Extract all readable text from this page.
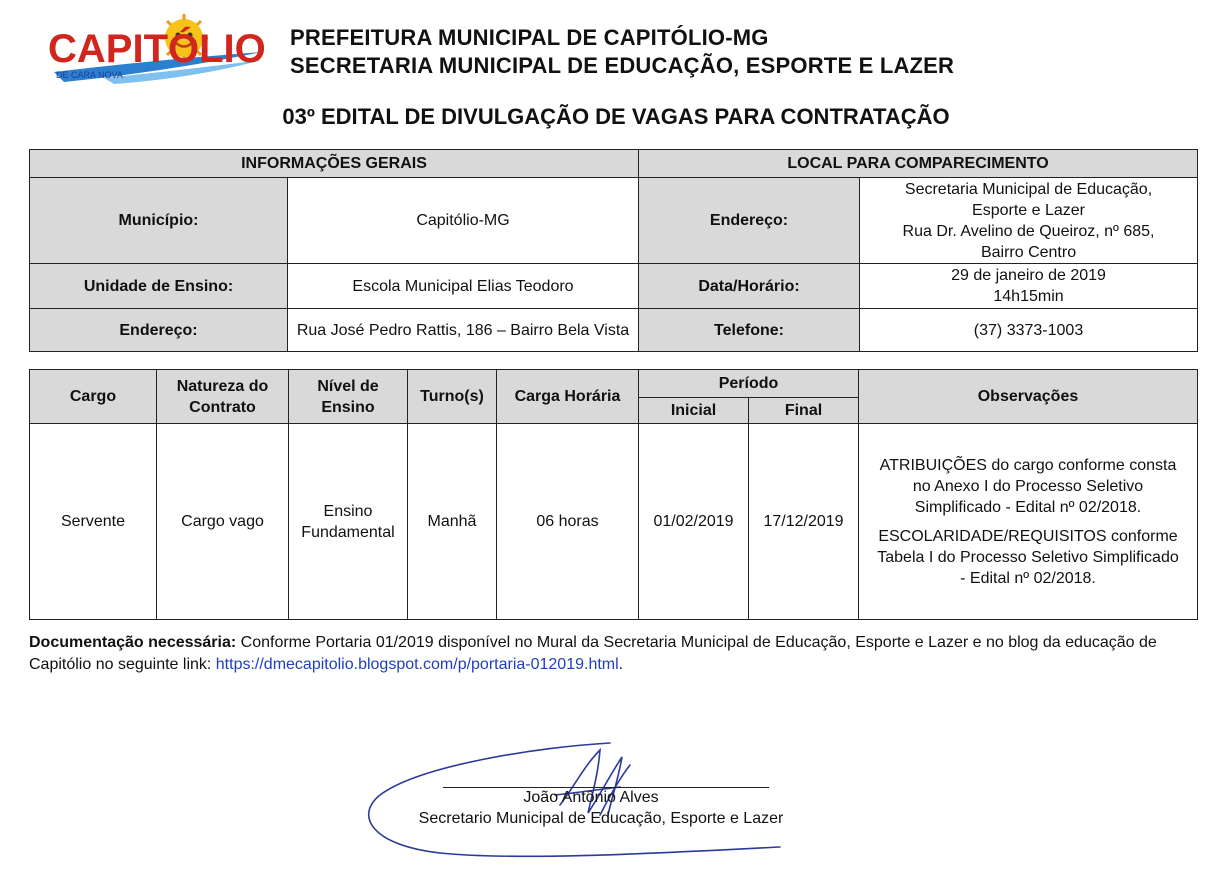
CAPITÓLIO
DE CARA NOVA
PREFEITURA MUNICIPAL DE CAPITÓLIO-MG
SECRETARIA MUNICIPAL DE EDUCAÇÃO, ESPORTE E LAZER
03º EDITAL DE DIVULGAÇÃO DE VAGAS PARA CONTRATAÇÃO
INFORMAÇÕES GERAIS		LOCAL PARA COMPARECIMENTO	
Município:	Capitólio-MG	Endereço:	Secretaria Municipal de Educação,
Esporte e Lazer
Rua Dr. Avelino de Queiroz, nº 685,
Bairro Centro

Unidade de Ensino:	Escola Municipal Elias Teodoro	Data/Horário:	29 de janeiro de 2019
14h15min

Endereço:	Rua José Pedro Rattis, 186 – Bairro Bela Vista	Telefone:	(37) 3373-1003
Cargo	Natureza do Contrato	Nível de Ensino	Turno(s)	Carga Horária	Período		Observações
					Inicial	Final	
Servente	Cargo vago	Ensino Fundamental	Manhã	06 horas	01/02/2019	17/12/2019	ATRIBUIÇÕES do cargo conforme consta no Anexo I do Processo Seletivo Simplificado - Edital nº 02/2018.

ESCOLARIDADE/REQUISITOS conforme Tabela I do Processo Seletivo Simplificado - Edital nº 02/2018.

Documentação necessária: Conforme Portaria 01/2019 disponível no Mural da Secretaria Municipal de Educação, Esporte e Lazer e no blog da educação de Capitólio no seguinte link: https://dmecapitolio.blogspot.com/p/portaria-012019.html.
João Antônio Alves
Secretario Municipal de Educação, Esporte e Lazer
